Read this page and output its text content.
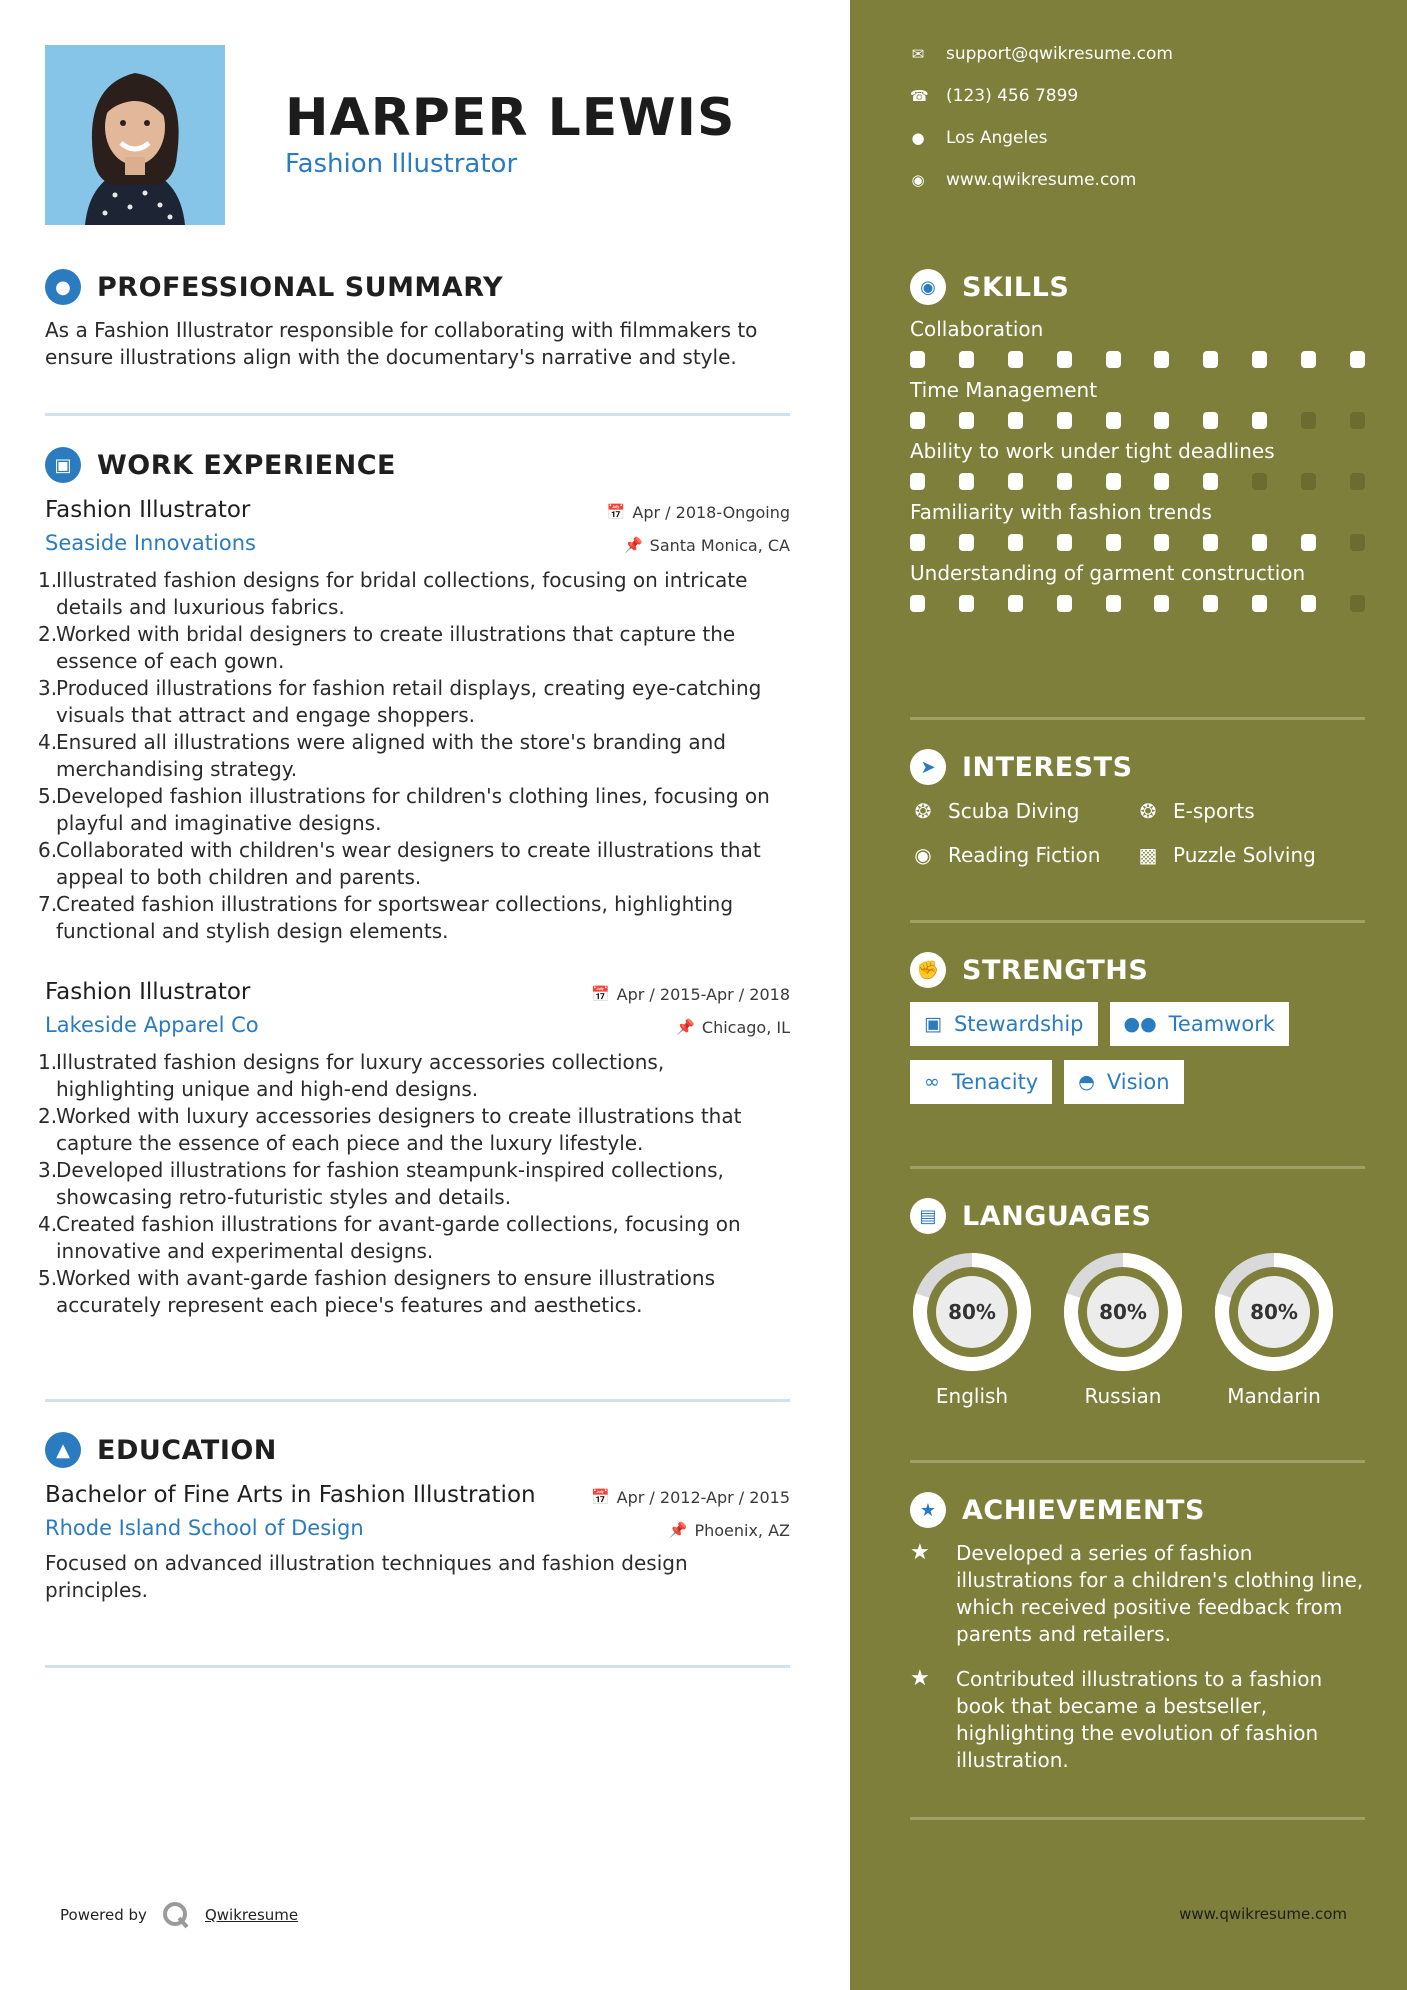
HARPER LEWIS
Fashion Illustrator
● PROFESSIONAL SUMMARY
As a Fashion Illustrator responsible for collaborating with filmmakers to ensure illustrations align with the documentary's narrative and style.
▣ WORK EXPERIENCE
Fashion Illustrator	📅 Apr / 2018-Ongoing
Seaside Innovations	📌 Santa Monica, CA
1.
Illustrated fashion designs for bridal collections, focusing on intricate details and luxurious fabrics.
2.
Worked with bridal designers to create illustrations that capture the essence of each gown.
3.
Produced illustrations for fashion retail displays, creating eye-catching visuals that attract and engage shoppers.
4.
Ensured all illustrations were aligned with the store's branding and merchandising strategy.
5.
Developed fashion illustrations for children's clothing lines, focusing on playful and imaginative designs.
6.
Collaborated with children's wear designers to create illustrations that appeal to both children and parents.
7.
Created fashion illustrations for sportswear collections, highlighting functional and stylish design elements.
Fashion Illustrator	📅 Apr / 2015-Apr / 2018
Lakeside Apparel Co	📌 Chicago, IL
1.
Illustrated fashion designs for luxury accessories collections, highlighting unique and high-end designs.
2.
Worked with luxury accessories designers to create illustrations that capture the essence of each piece and the luxury lifestyle.
3.
Developed illustrations for fashion steampunk-inspired collections, showcasing retro-futuristic styles and details.
4.
Created fashion illustrations for avant-garde collections, focusing on innovative and experimental designs.
5.
Worked with avant-garde fashion designers to ensure illustrations accurately represent each piece's features and aesthetics.
▲	EDUCATION
Bachelor of Fine Arts in Fashion Illustration	📅 Apr / 2012-Apr / 2015
Rhode Island School of Design	📌 Phoenix, AZ
Focused on advanced illustration techniques and fashion design principles.
Powered by	Qwikresume
✉ support@qwikresume.com
☎ (123) 456 7899
● Los Angeles
◉ www.qwikresume.com
◉ SKILLS
Collaboration
Time Management
Ability to work under tight deadlines
Familiarity with fashion trends
Understanding of garment construction
➤ INTERESTS
❂ Scuba Diving	❂ E-sports
◉ Reading Fiction ▩ Puzzle Solving
✊ STRENGTHS
▣ Stewardship ●● Teamwork
∞ Tenacity ◓ Vision
▤ LANGUAGES
80%
English
80%
Russian
80%
Mandarin
★ ACHIEVEMENTS
★	Developed a series of fashion illustrations for a children's clothing line, which received positive feedback from parents and retailers.
★	Contributed illustrations to a fashion book that became a bestseller, highlighting the evolution of fashion illustration.
www.qwikresume.com
